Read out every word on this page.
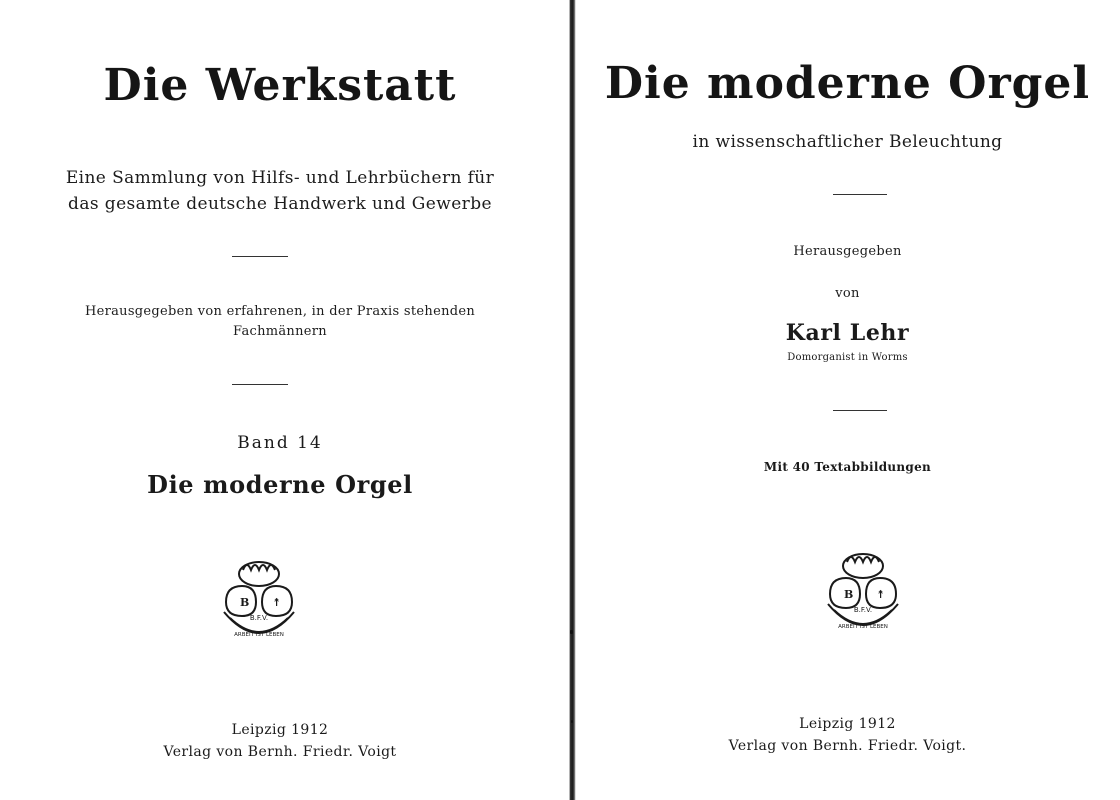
Die Werkstatt

Eine Sammlung von Hilfs- und Lehrbüchern für

das gesamte deutsche Handwerk und Gewerbe

Herausgegeben von erfahrenen, in der Praxis stehenden

Fachmännern

Band 14

Die moderne Orgel

B ↟
B.F.V.
ARBEIT IST LEBEN

Leipzig 1912

Verlag von Bernh. Friedr. Voigt

Die moderne Orgel

in wissenschaftlicher Beleuchtung

Herausgegeben

von

Karl Lehr

Domorganist in Worms

Mit 40 Textabbildungen

B ↟
B.F.V.
ARBEIT IST LEBEN

Leipzig 1912

Verlag von Bernh. Friedr. Voigt.
